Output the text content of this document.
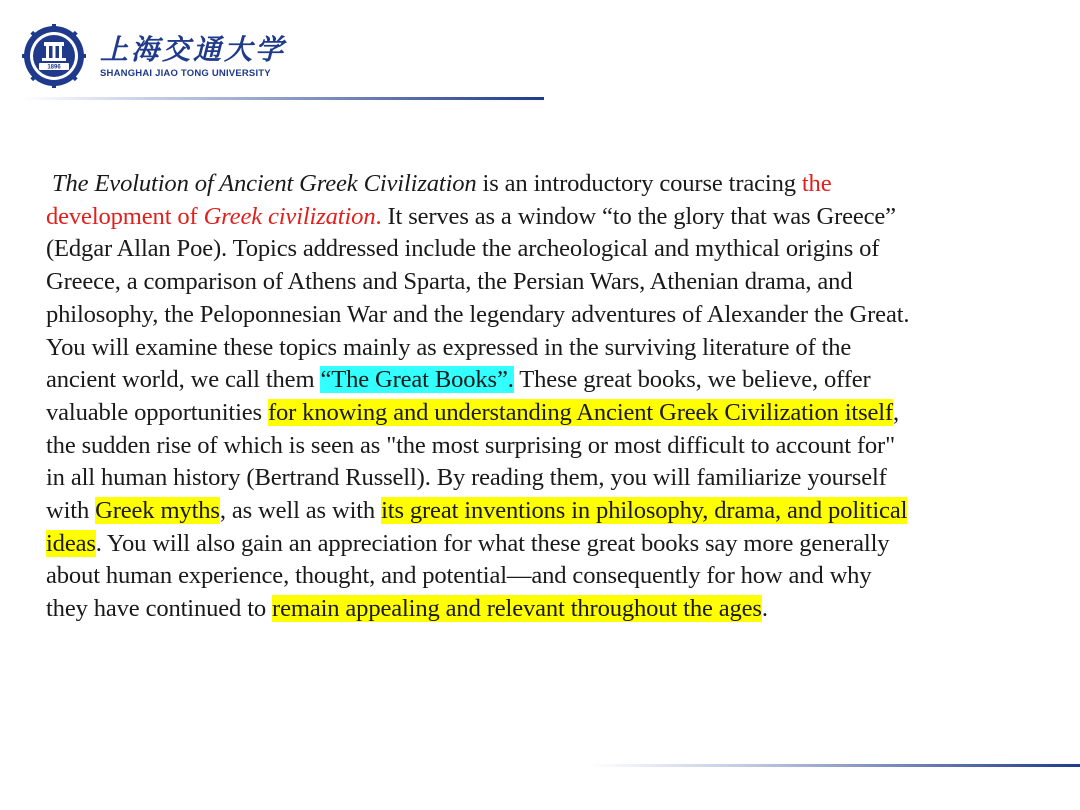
1896
上海交通大学
SHANGHAI JIAO TONG UNIVERSITY
The Evolution of Ancient Greek Civilization is an introductory course tracing the
development of Greek civilization. It serves as a window “to the glory that was Greece”
(Edgar Allan Poe). Topics addressed include the archeological and mythical origins of
Greece, a comparison of Athens and Sparta, the Persian Wars, Athenian drama, and
philosophy, the Peloponnesian War and the legendary adventures of Alexander the Great.
You will examine these topics mainly as expressed in the surviving literature of the
ancient world, we call them “The Great Books”. These great books, we believe, offer
valuable opportunities for knowing and understanding Ancient Greek Civilization itself,
the sudden rise of which is seen as "the most surprising or most difficult to account for"
in all human history (Bertrand Russell). By reading them, you will familiarize yourself
with Greek myths, as well as with its great inventions in philosophy, drama, and political
ideas. You will also gain an appreciation for what these great books say more generally
about human experience, thought, and potential—and consequently for how and why
they have continued to remain appealing and relevant throughout the ages.
